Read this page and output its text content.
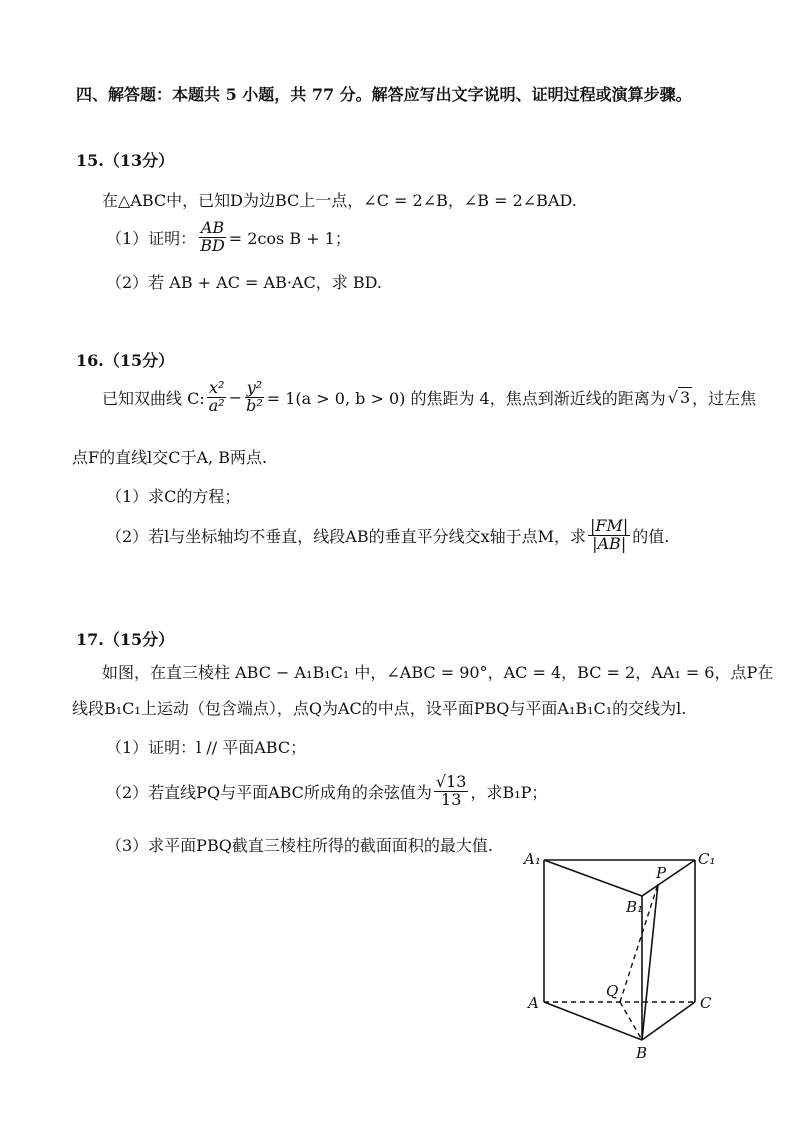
四、解答题：本题共 5 小题，共 77 分。解答应写出文字说明、证明过程或演算步骤。
15.（13分）
在△ABC中，已知D为边BC上一点，∠C = 2∠B，∠B = 2∠BAD.
（1）证明： $\frac{AB}{BD} = 2\cos$ B + 1；
（2）若 AB + AC = AB·AC，求 BD.
16.（15分）
已知双曲线 C: $\frac{\text{x²}}{\text{a²}} - \frac{\text{y²}}{\text{b²}} = 1(a > 0$, b > 0) 的焦距为 4，焦点到渐近线的距离为 √ 3 ，过左焦
点F的直线l交C于A, B两点.
（1）求C的方程；
（2）若l与坐标轴均不垂直，线段AB的垂直平分线交x轴于点M，求 $\frac{|FM|}{|AB|}$ 的值.
17.（15分）
如图，在直三棱柱 ABC − A₁B₁C₁ 中，∠ABC = 90°，AC = 4，BC = 2，AA₁ = 6，点P在
线段B₁C₁上运动（包含端点），点Q为AC的中点，设平面PBQ与平面A₁B₁C₁的交线为l.
（1）证明：l // 平面ABC；
（2）若直线PQ与平面ABC所成角的余弦值为 $\frac{√13}{13}$ ，求B₁P；
（3）求平面PBQ截直三棱柱所得的截面面积的最大值.
A₁	C₁
P
B₁
A
Q
C
B
